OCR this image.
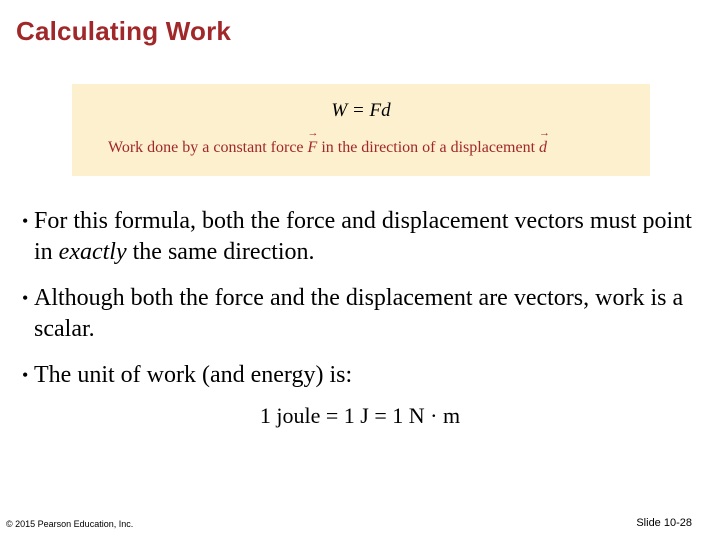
Calculating Work
W = Fd
Work done by a constant force → F in the direction of a displacement → d
• For this formula, both the force and displacement vectors must point in exactly the same direction.
• Although both the force and the displacement are vectors, work is a scalar.
• The unit of work (and energy) is:
1 joule = 1 J = 1 N · m
© 2015 Pearson Education, Inc.	Slide 10-28
